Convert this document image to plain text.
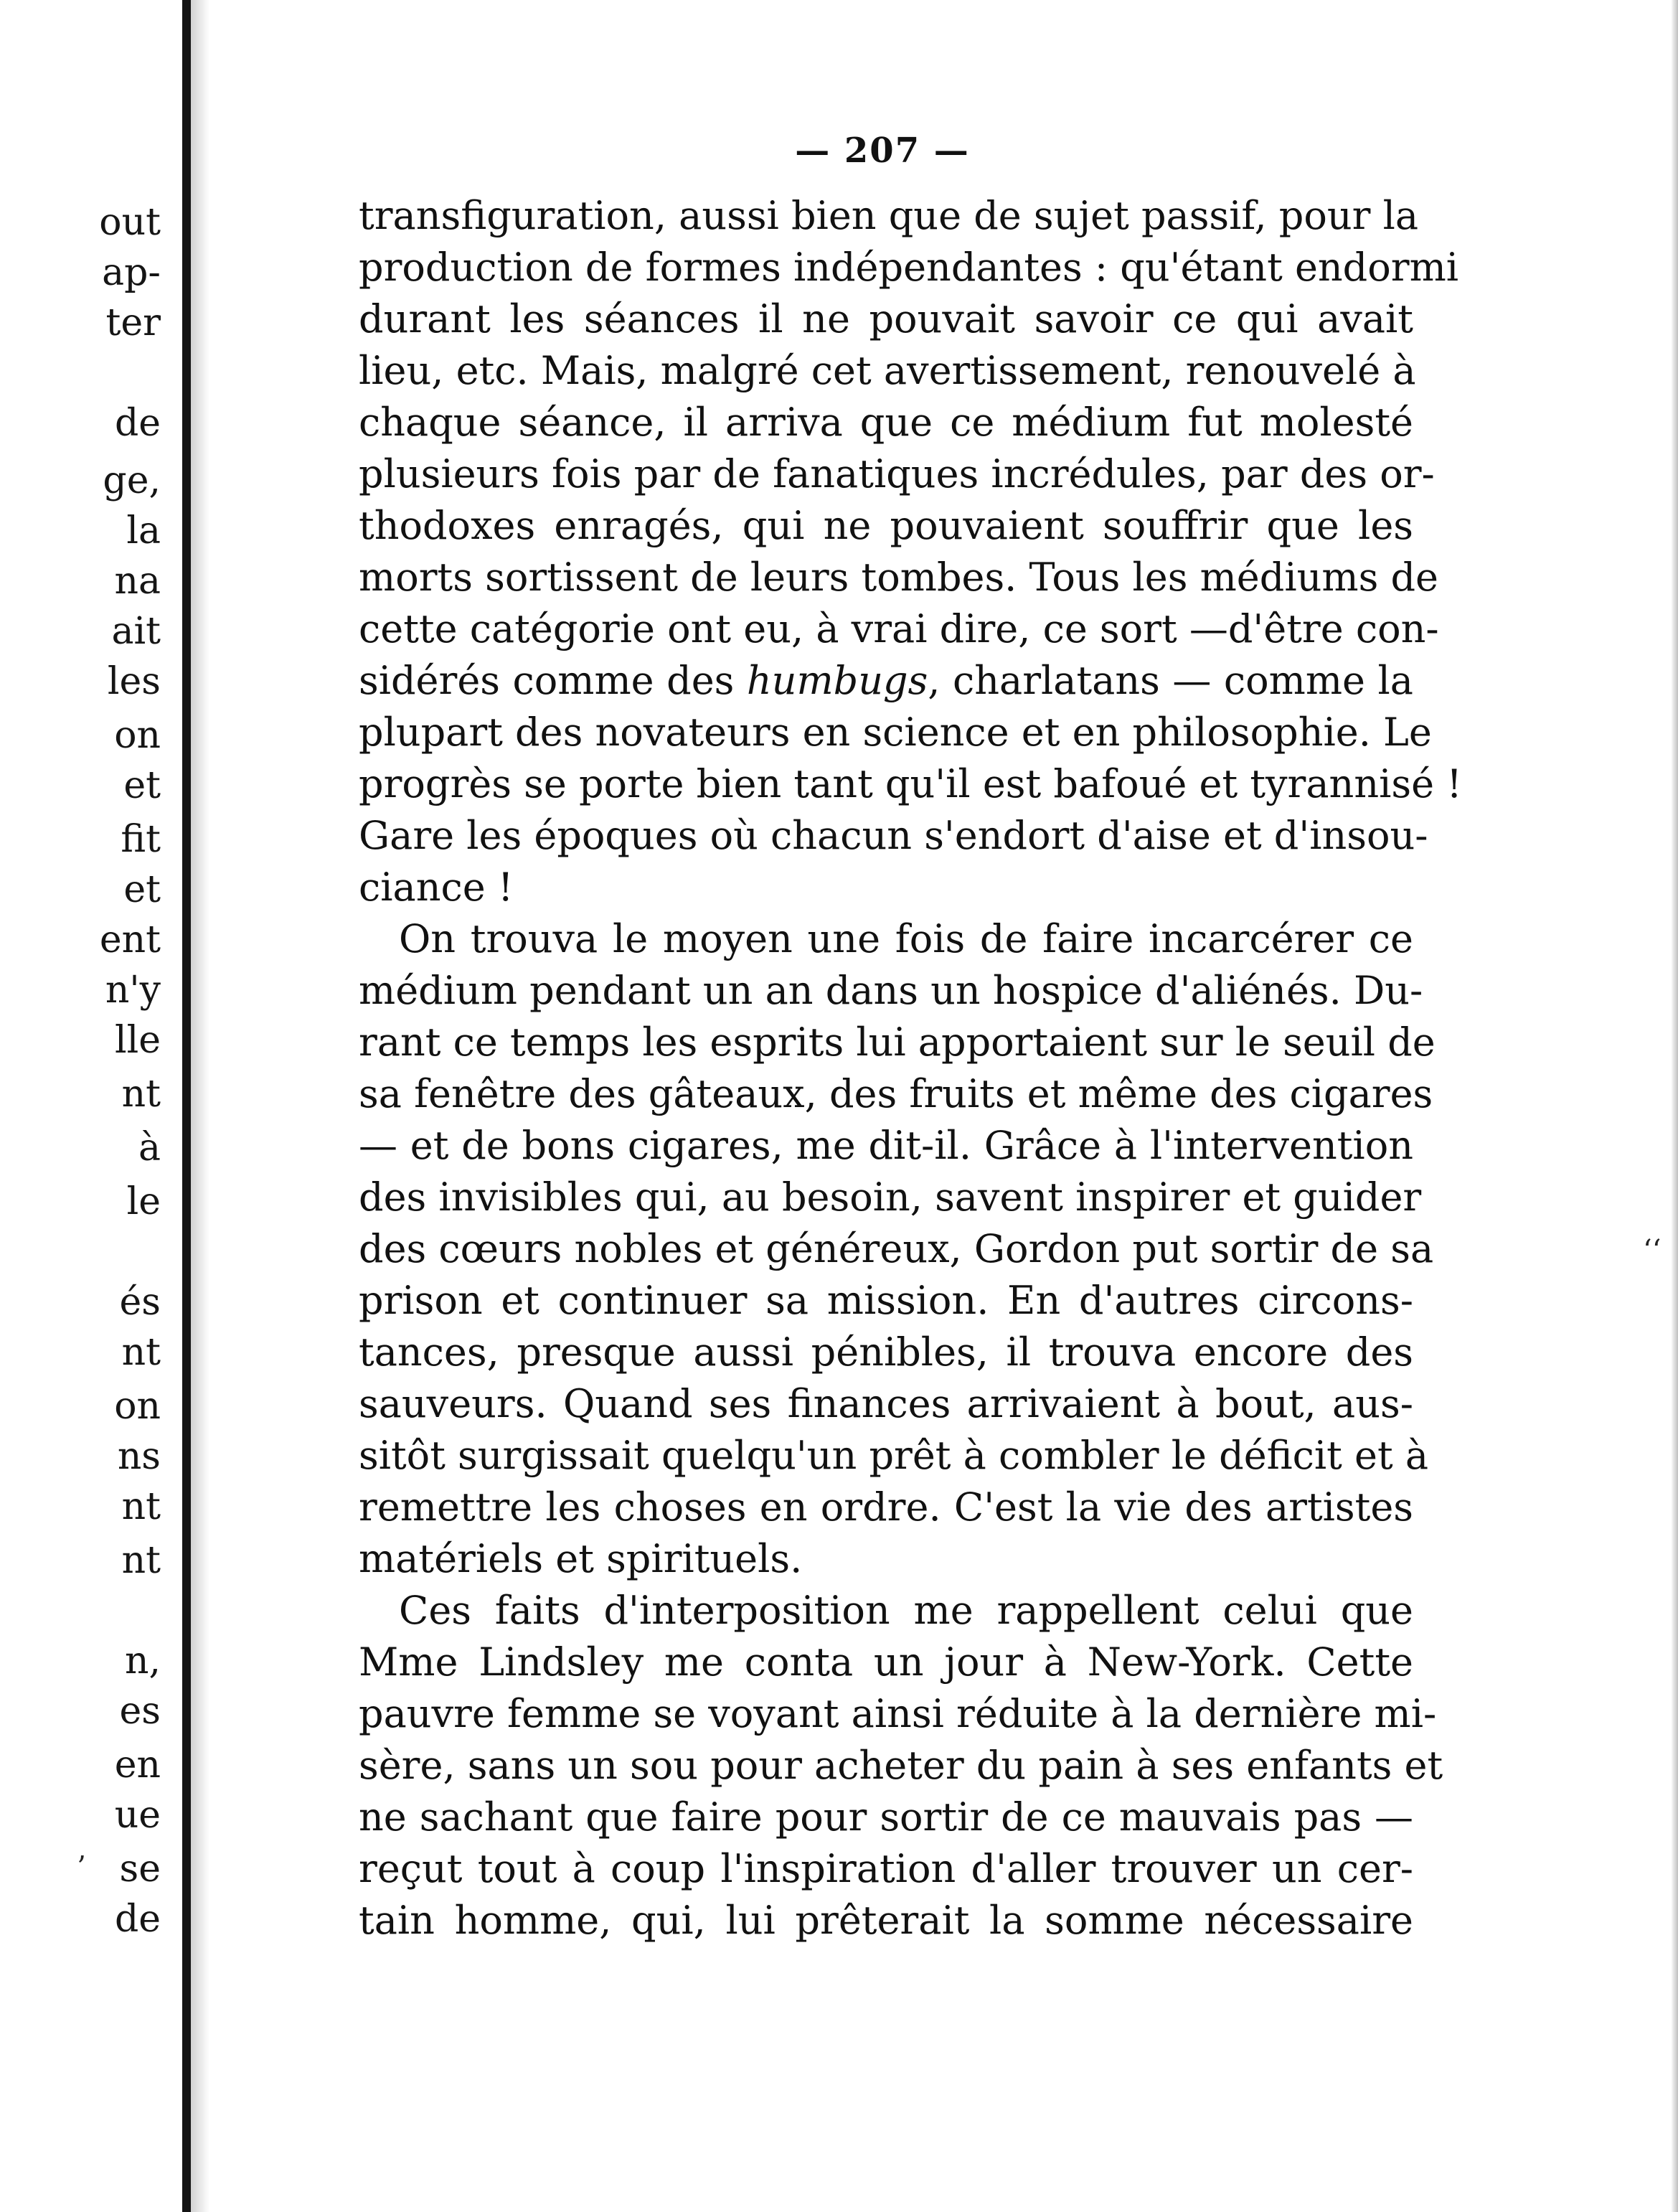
out
ap-
ter
de
ge,
la
na
ait
les
on
et
fit
et
ent
n'y
lle
nt
à
le
és
nt
on
ns
nt
nt
n,
es
en
ue
se
de
— 207 —
transfiguration, aussi bien que de sujet passif, pour la
production de formes indépendantes : qu'étant endormi
durant les séances il ne pouvait savoir ce qui avait
lieu, etc. Mais, malgré cet avertissement, renouvelé à
chaque séance, il arriva que ce médium fut molesté
plusieurs fois par de fanatiques incrédules, par des or-
thodoxes enragés, qui ne pouvaient souffrir que les
morts sortissent de leurs tombes. Tous les médiums de
cette catégorie ont eu, à vrai dire, ce sort —d'être con-
sidérés comme des humbugs, charlatans — comme la
plupart des novateurs en science et en philosophie. Le
progrès se porte bien tant qu'il est bafoué et tyrannisé !
Gare les époques où chacun s'endort d'aise et d'insou-
ciance !
On trouva le moyen une fois de faire incarcérer ce
médium pendant un an dans un hospice d'aliénés. Du-
rant ce temps les esprits lui apportaient sur le seuil de
sa fenêtre des gâteaux, des fruits et même des cigares
— et de bons cigares, me dit-il. Grâce à l'intervention
des invisibles qui, au besoin, savent inspirer et guider
des cœurs nobles et généreux, Gordon put sortir de sa
prison et continuer sa mission. En d'autres circons-
tances, presque aussi pénibles, il trouva encore des
sauveurs. Quand ses finances arrivaient à bout, aus-
sitôt surgissait quelqu'un prêt à combler le déficit et à
remettre les choses en ordre. C'est la vie des artistes
matériels et spirituels.
Ces faits d'interposition me rappellent celui que
Mme Lindsley me conta un jour à New-York. Cette
pauvre femme se voyant ainsi réduite à la dernière mi-
sère, sans un sou pour acheter du pain à ses enfants et
ne sachant que faire pour sortir de ce mauvais pas —
reçut tout à coup l'inspiration d'aller trouver un cer-
tain homme, qui, lui prêterait la somme nécessaire
ʻʻ
ʼ
